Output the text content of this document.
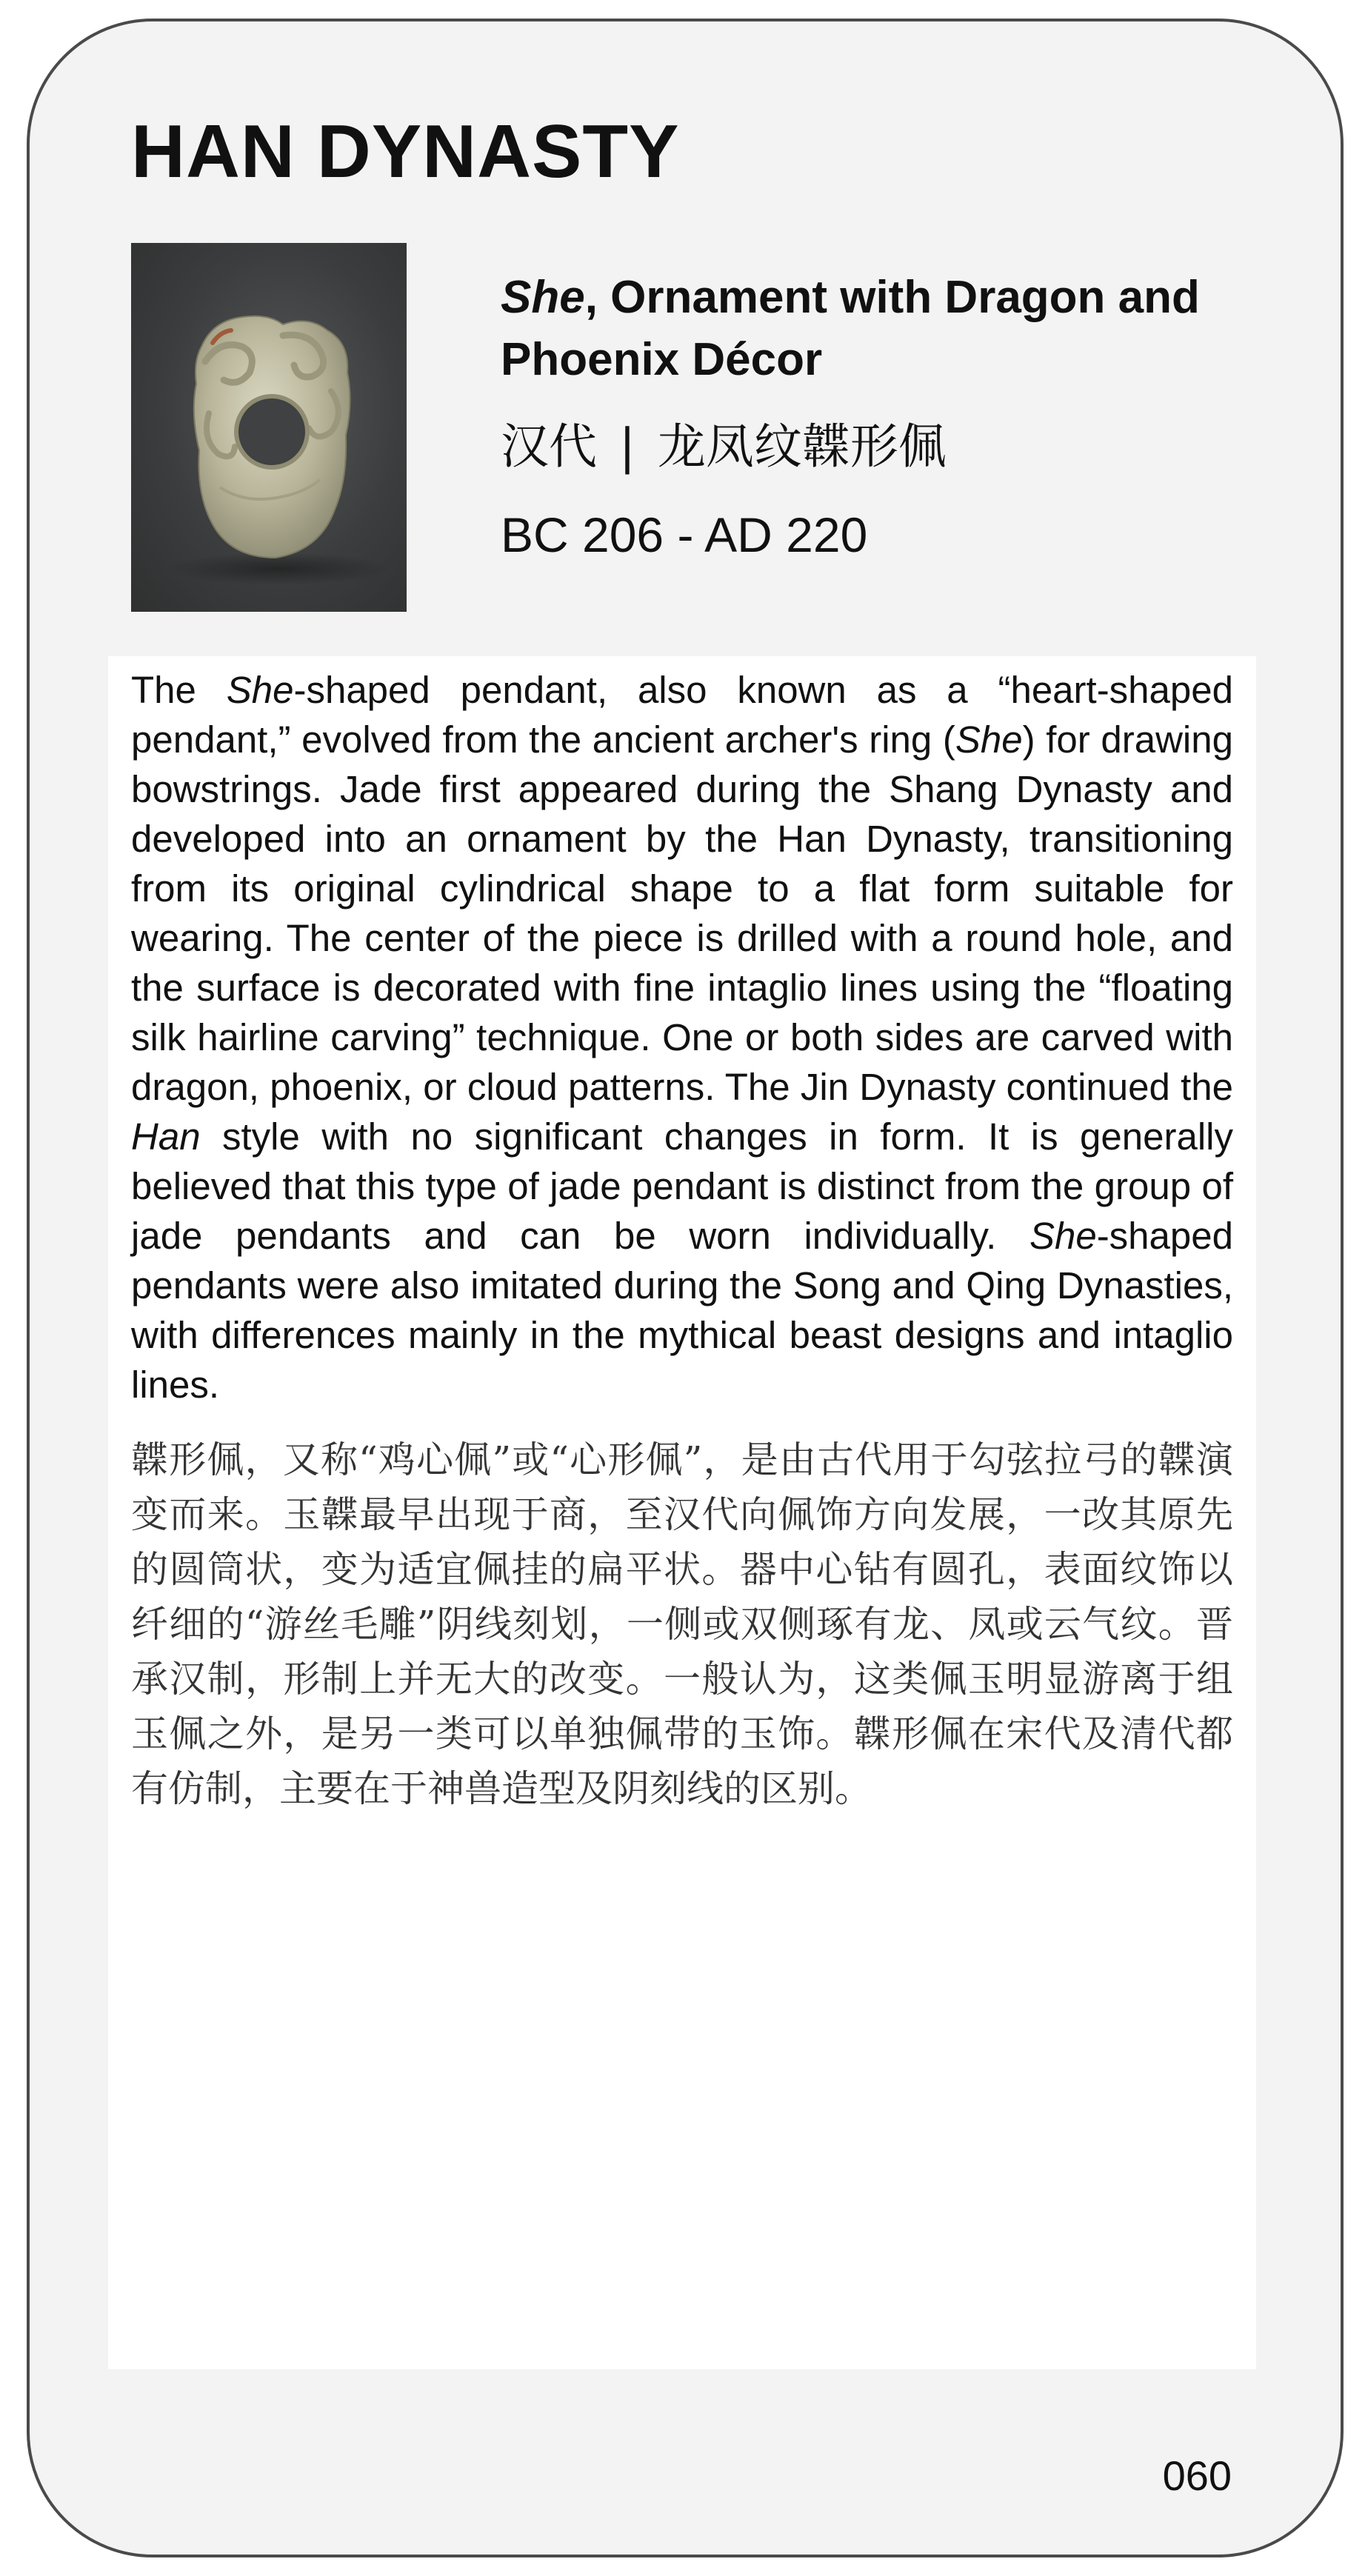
HAN DYNASTY
She, Ornament with Dragon and Phoenix Décor
汉代 | 龙凤纹韘形佩
BC 206 - AD 220

The She-shaped pendant, also known as a “heart-shaped pendant,” evolved from the ancient archer's ring (She) for drawing bowstrings. Jade first appeared during the Shang Dynasty and developed into an ornament by the Han Dynasty, transitioning from its original cylindrical shape to a flat form suitable for wearing. The center of the piece is drilled with a round hole, and the surface is decorated with fine intaglio lines using the “floating silk hairline carving” technique. One or both sides are carved with dragon, phoenix, or cloud patterns. The Jin Dynasty continued the Han style with no significant changes in form. It is generally believed that this type of jade pendant is distinct from the group of jade pendants and can be worn individually. She-shaped pendants were also imitated during the Song and Qing Dynasties, with differences mainly in the mythical beast designs and intaglio lines.

韘形佩，又称“鸡心佩”或“心形佩”，是由古代用于勾弦拉弓的韘演变而来。玉韘最早出现于商，至汉代向佩饰方向发展，一改其原先的圆筒状，变为适宜佩挂的扁平状。器中心钻有圆孔，表面纹饰以纤细的“游丝毛雕”阴线刻划，一侧或双侧琢有龙、凤或云气纹。晋承汉制，形制上并无大的改变。一般认为，这类佩玉明显游离于组玉佩之外，是另一类可以单独佩带的玉饰。韘形佩在宋代及清代都有仿制，主要在于神兽造型及阴刻线的区别。

060
